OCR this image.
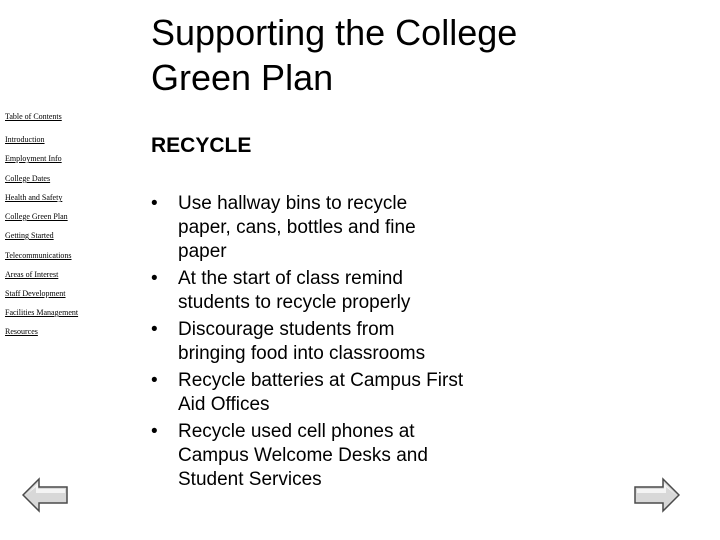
Supporting the College
Green Plan
Table of Contents
Introduction
Employment Info
College Dates
Health and Safety
College Green Plan
Getting Started
Telecommunications
Areas of Interest
Staff Development
Facilities Management
Resources
RECYCLE
• Use hallway bins to recycle
paper, cans, bottles and fine
paper
• At the start of class remind
students to recycle properly
• Discourage students from
bringing food into classrooms
• Recycle batteries at Campus First
Aid Offices
• Recycle used cell phones at
Campus Welcome Desks and
Student Services
